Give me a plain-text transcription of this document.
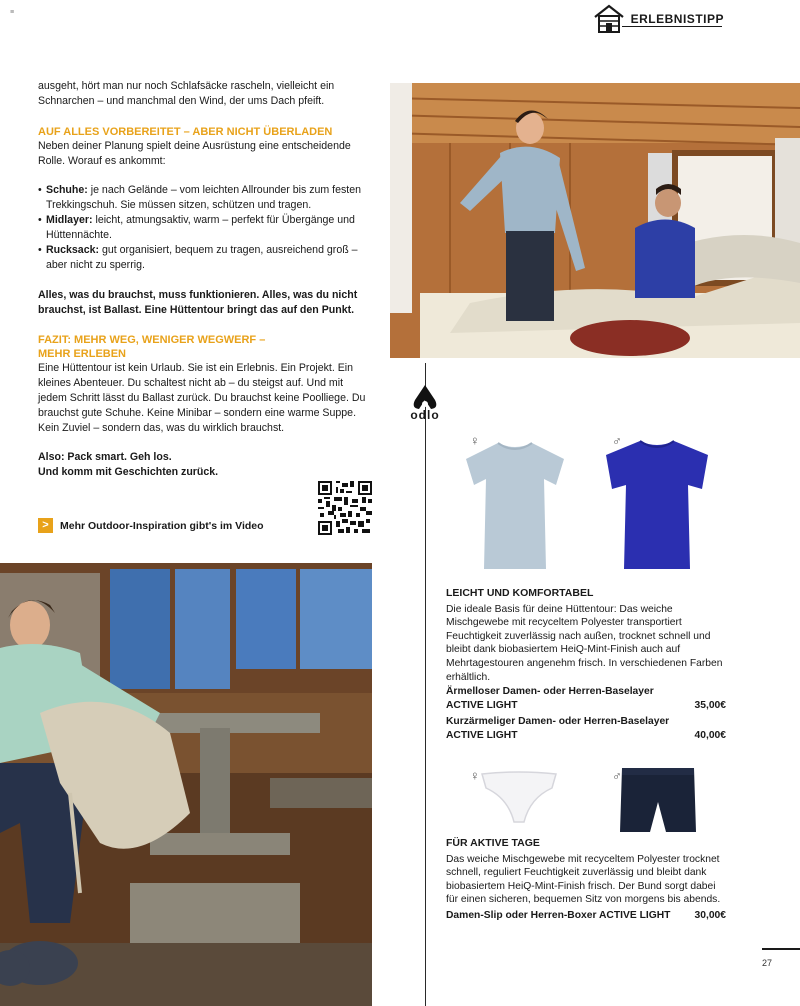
≡	ERLEBNISTIPP

ausgeht, hört man nur noch Schlafsäcke rascheln, vielleicht ein Schnarchen – und manchmal den Wind, der ums Dach pfeift.

AUF ALLES VORBEREITET – ABER NICHT ÜBERLADEN

Neben deiner Planung spielt deine Ausrüstung eine entscheidende Rolle. Worauf es ankommt:

• Schuhe: je nach Gelände – vom leichten Allrounder bis zum festen Trekkingschuh. Sie müssen sitzen, schützen und tragen.
• Midlayer: leicht, atmungsaktiv, warm – perfekt für Übergänge und Hüttennächte.
• Rucksack: gut organisiert, bequem zu tragen, ausreichend groß – aber nicht zu sperrig.

Alles, was du brauchst, muss funktionieren. Alles, was du nicht brauchst, ist Ballast. Eine Hüttentour bringt das auf den Punkt.

FAZIT: MEHR WEG, WENIGER WEGWERF –

MEHR ERLEBEN

Eine Hüttentour ist kein Urlaub. Sie ist ein Erlebnis. Ein Projekt. Ein kleines Abenteuer. Du schaltest nicht ab – du steigst auf. Und mit jedem Schritt lässt du Ballast zurück. Du brauchst keine Poolliege. Du brauchst gute Schuhe. Keine Minibar – sondern eine warme Suppe. Kein Zuviel – sondern das, was du wirklich brauchst.

Also: Pack smart. Geh los.

Und komm mit Geschichten zurück.

>	Mehr Outdoor-Inspiration gibt's im Video
odlo
♀	♂

LEICHT UND KOMFORTABEL

Die ideale Basis für deine Hüttentour: Das weiche Mischgewebe mit recyceltem Polyester transportiert Feuchtigkeit zuverlässig nach außen, trocknet schnell und bleibt dank biobasiertem HeiQ-Mint-Finish auch auf Mehrtagestouren angenehm frisch. In verschiedenen Farben erhältlich.

Ärmelloser Damen- oder Herren-Baselayer
ACTIVE LIGHT	35,00€
Kurzärmeliger Damen- oder Herren-Baselayer
ACTIVE LIGHT	40,00€
♀	♂

FÜR AKTIVE TAGE

Das weiche Mischgewebe mit recyceltem Polyester trocknet schnell, reguliert Feuchtigkeit zuverlässig und bleibt dank biobasiertem HeiQ-Mint-Finish frisch. Der Bund sorgt dabei für einen sicheren, bequemen Sitz von morgens bis abends.

Damen-Slip oder Herren-Boxer ACTIVE LIGHT 30,00€
27
